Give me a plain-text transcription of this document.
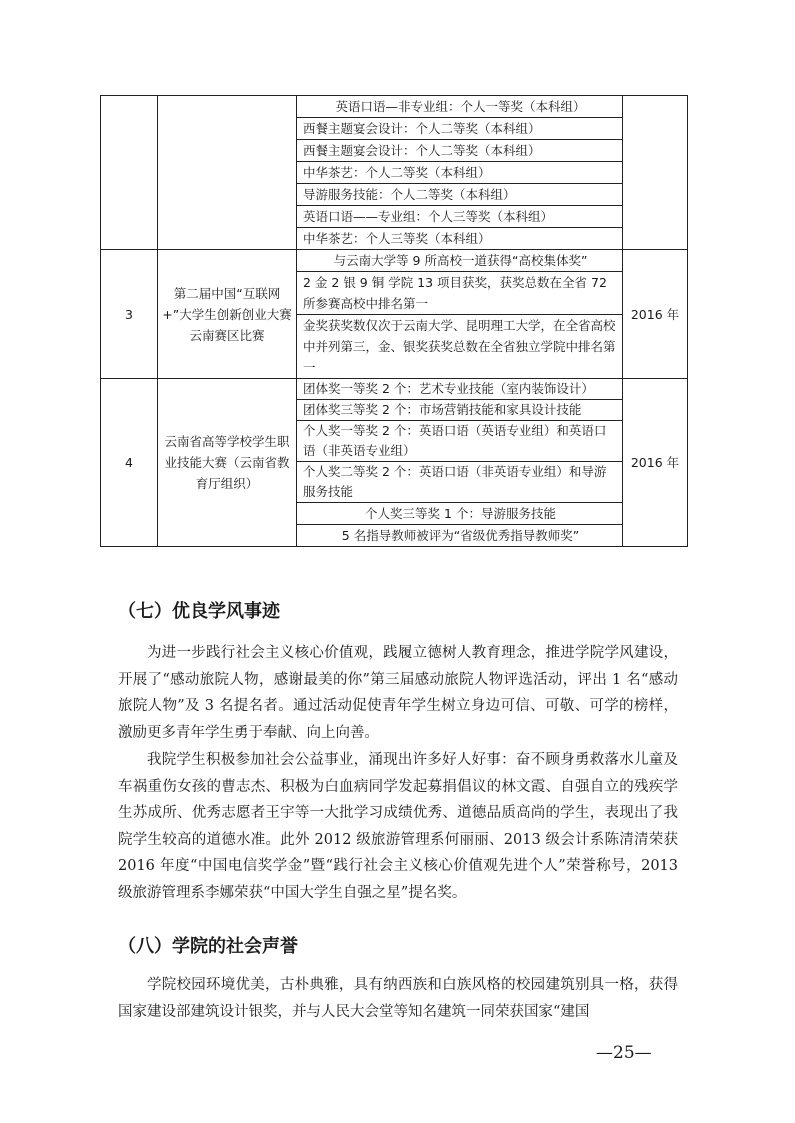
		英语口语—非专业组：个人一等奖（本科组）	
		西餐主题宴会设计：个人二等奖（本科组）	
		西餐主题宴会设计：个人二等奖（本科组）	
		中华茶艺：个人二等奖（本科组）	
		导游服务技能：个人二等奖（本科组）	
		英语口语——专业组：个人三等奖（本科组）	
		中华茶艺：个人三等奖（本科组）	
3	第二届中国“互联网+”大学生创新创业大赛云南赛区比赛	与云南大学等 9 所高校一道获得“高校集体奖”	2016 年
		2 金 2 银 9 铜 学院 13 项目获奖，获奖总数在全省 72 所参赛高校中排名第一	
		金奖获奖数仅次于云南大学、昆明理工大学，在全省高校中并列第三，金、银奖获奖总数在全省独立学院中排名第一	
4	云南省高等学校学生职业技能大赛（云南省教育厅组织）	团体奖一等奖 2 个：艺术专业技能（室内装饰设计）	2016 年
		团体奖三等奖 2 个：市场营销技能和家具设计技能	
		个人奖一等奖 2 个：英语口语（英语专业组）和英语口语（非英语专业组）	
		个人奖二等奖 2 个：英语口语（非英语专业组）和导游服务技能	
		个人奖三等奖 1 个：导游服务技能	
		5 名指导教师被评为“省级优秀指导教师奖”	
（七）优良学风事迹
为进一步践行社会主义核心价值观，践履立德树人教育理念，推进学院学风建设，开展了“感动旅院人物，感谢最美的你”第三届感动旅院人物评选活动，评出 1 名“感动旅院人物”及 3 名提名者。通过活动促使青年学生树立身边可信、可敬、可学的榜样，激励更多青年学生勇于奉献、向上向善。
我院学生积极参加社会公益事业，涌现出许多好人好事：奋不顾身勇救落水儿童及车祸重伤女孩的曹志杰、积极为白血病同学发起募捐倡议的林文霞、自强自立的残疾学生苏成所、优秀志愿者王宇等一大批学习成绩优秀、道德品质高尚的学生，表现出了我院学生较高的道德水准。此外 2012 级旅游管理系何丽丽、2013 级会计系陈清清荣获 2016 年度“中国电信奖学金”暨“践行社会主义核心价值观先进个人”荣誉称号，2013 级旅游管理系李娜荣获“中国大学生自强之星”提名奖。
（八）学院的社会声誉
学院校园环境优美，古朴典雅，具有纳西族和白族风格的校园建筑别具一格，获得国家建设部建筑设计银奖，并与人民大会堂等知名建筑一同荣获国家“建国
—25—
